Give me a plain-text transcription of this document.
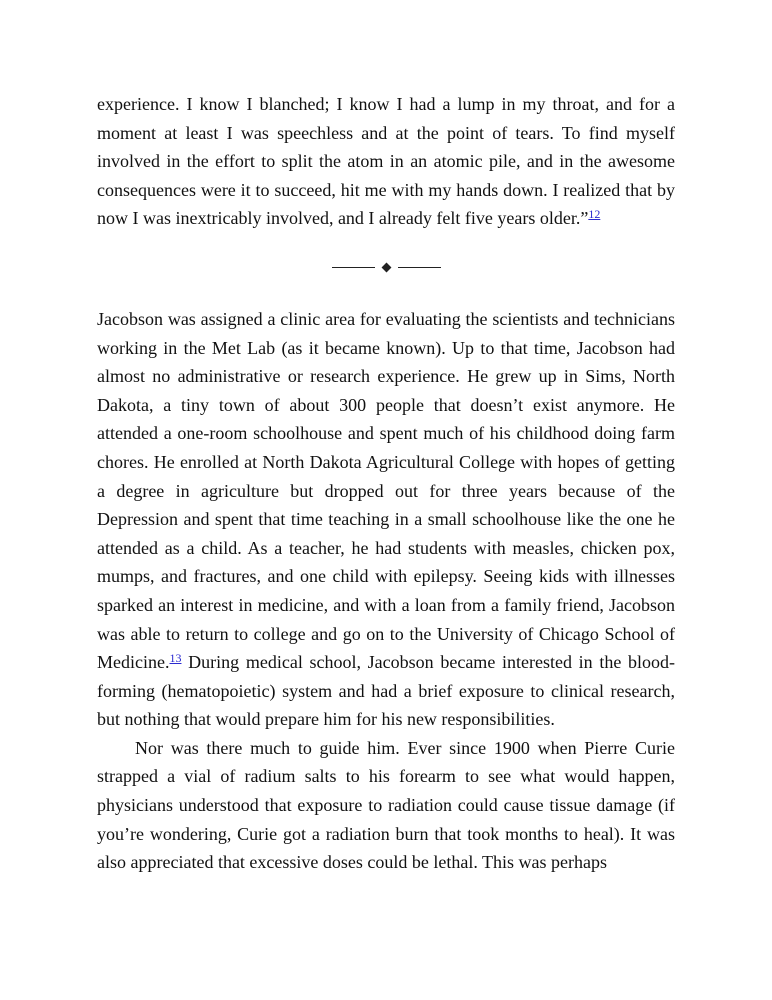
experience. I know I blanched; I know I had a lump in my throat, and for a moment at least I was speechless and at the point of tears. To find myself involved in the effort to split the atom in an atomic pile, and in the awesome consequences were it to succeed, hit me with my hands down. I realized that by now I was inextricably involved, and I already felt five years older.”$^{12}$

Jacobson was assigned a clinic area for evaluating the scientists and technicians working in the Met Lab (as it became known). Up to that time, Jacobson had almost no administrative or research experience. He grew up in Sims, North Dakota, a tiny town of about 300 people that doesn’t exist anymore. He attended a one-room schoolhouse and spent much of his childhood doing farm chores. He enrolled at North Dakota Agricultural College with hopes of getting a degree in agriculture but dropped out for three years because of the Depression and spent that time teaching in a small schoolhouse like the one he attended as a child. As a teacher, he had students with measles, chicken pox, mumps, and fractures, and one child with epilepsy. Seeing kids with illnesses sparked an interest in medicine, and with a loan from a family friend, Jacobson was able to return to college and go on to the University of Chicago School of Medicine.$^{13}$ During medical school, Jacobson became interested in the blood-forming (hematopoietic) system and had a brief exposure to clinical research, but nothing that would prepare him for his new responsibilities.

Nor was there much to guide him. Ever since 1900 when Pierre Curie strapped a vial of radium salts to his forearm to see what would happen, physicians understood that exposure to radiation could cause tissue damage (if you’re wondering, Curie got a radiation burn that took months to heal). It was also appreciated that excessive doses could be lethal. This was perhaps
